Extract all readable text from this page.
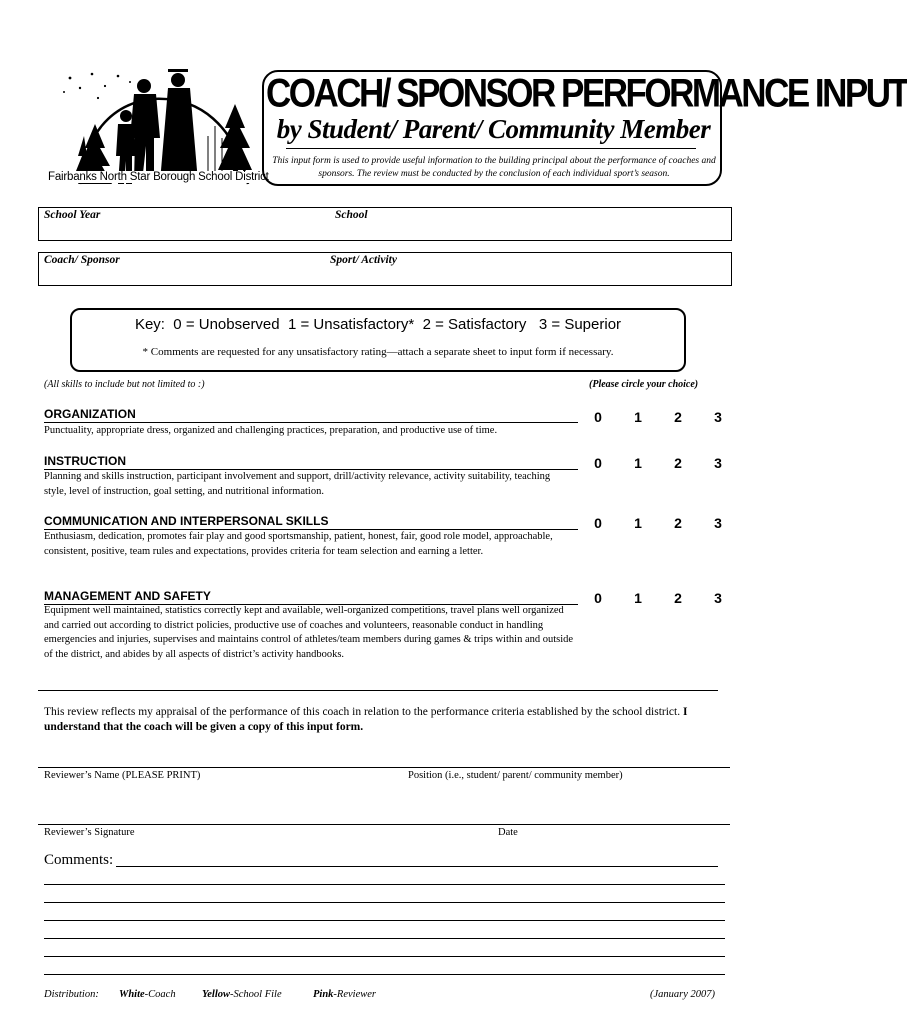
Fairbanks North Star Borough School District
COACH/ SPONSOR PERFORMANCE INPUT
by Student/ Parent/ Community Member
This input form is used to provide useful information to the building principal about the performance of coaches and sponsors. The review must be conducted by the conclusion of each individual sport’s season.
School Year	School
Coach/ Sponsor	Sport/ Activity
Key:  0 = Unobserved  1 = Unsatisfactory*  2 = Satisfactory   3 = Superior
* Comments are requested for any unsatisfactory rating—attach a separate sheet to input form if necessary.
(All skills to include but not limited to :)	(Please circle your choice)
ORGANIZATION
Punctuality, appropriate dress, organized and challenging practices, preparation, and productive use of time.
0	1	2	3
INSTRUCTION
Planning and skills instruction, participant involvement and support, drill/activity relevance, activity suitability, teaching style, level of instruction, goal setting, and nutritional information.
0	1	2	3
COMMUNICATION AND INTERPERSONAL SKILLS
Enthusiasm, dedication, promotes fair play and good sportsmanship, patient, honest, fair, good role model, approachable, consistent, positive, team rules and expectations, provides criteria for team selection and earning a letter.
0	1	2	3
MANAGEMENT AND SAFETY
Equipment well maintained, statistics correctly kept and available, well-organized competitions, travel plans well organized and carried out according to district policies, productive use of coaches and volunteers, reasonable conduct in handling emergencies and injuries, supervises and maintains control of athletes/team members during games & trips within and outside of the district, and abides by all aspects of district’s activity handbooks.
0	1	2	3
This review reflects my appraisal of the performance of this coach in relation to the performance criteria established by the school district. I understand that the coach will be given a copy of this input form.
Reviewer’s Name (PLEASE PRINT)	Position (i.e., student/ parent/ community member)
Reviewer’s Signature	Date
Comments:
Distribution: White-Coach	Yellow-School File	Pink-Reviewer	(January 2007)
